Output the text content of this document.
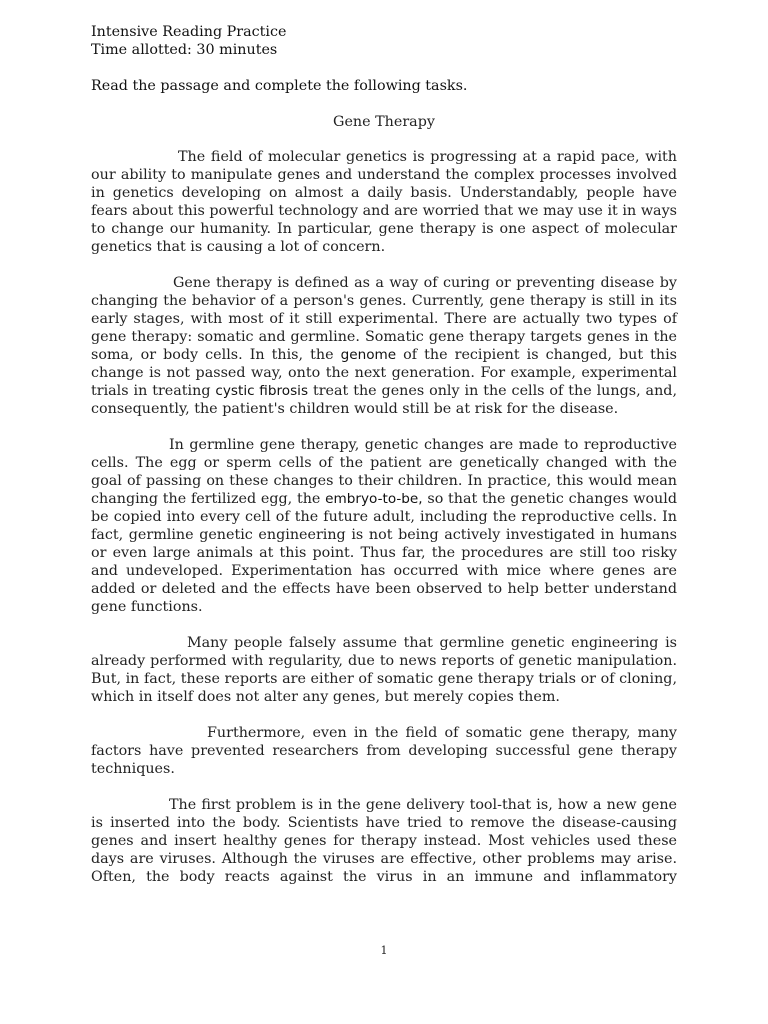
Intensive Reading Practice

Time allotted: 30 minutes

Read the passage and complete the following tasks.

Gene Therapy

The field of molecular genetics is progressing at a rapid pace, with our ability to manipulate genes and understand the complex processes involved in genetics developing on almost a daily basis. Understandably, people have fears about this powerful technology and are worried that we may use it in ways to change our humanity. In particular, gene therapy is one aspect of molecular genetics that is causing a lot of concern.

Gene therapy is defined as a way of curing or preventing disease by changing the behavior of a person's genes. Currently, gene therapy is still in its early stages, with most of it still experimental. There are actually two types of gene therapy: somatic and germline. Somatic gene therapy targets genes in the soma, or body cells. In this, the genome of the recipient is changed, but this change is not passed way, onto the next generation. For example, experimental trials in treating cystic fibrosis treat the genes only in the cells of the lungs, and, consequently, the patient's children would still be at risk for the disease.

In germline gene therapy, genetic changes are made to reproductive cells. The egg or sperm cells of the patient are genetically changed with the goal of passing on these changes to their children. In practice, this would mean changing the fertilized egg, the embryo-to-be, so that the genetic changes would be copied into every cell of the future adult, including the reproductive cells. In fact, germline genetic engineering is not being actively investigated in humans or even large animals at this point. Thus far, the procedures are still too risky and undeveloped. Experimentation has occurred with mice where genes are added or deleted and the effects have been observed to help better understand gene functions.

Many people falsely assume that germline genetic engineering is already performed with regularity, due to news reports of genetic manipulation. But, in fact, these reports are either of somatic gene therapy trials or of cloning, which in itself does not alter any genes, but merely copies them.

Furthermore, even in the field of somatic gene therapy, many factors have prevented researchers from developing successful gene therapy techniques.

The first problem is in the gene delivery tool-that is, how a new gene is inserted into the body. Scientists have tried to remove the disease-causing genes and insert healthy genes for therapy instead. Most vehicles used these days are viruses. Although the viruses are effective, other problems may arise. Often, the body reacts against the virus in an immune and inflammatory

1
